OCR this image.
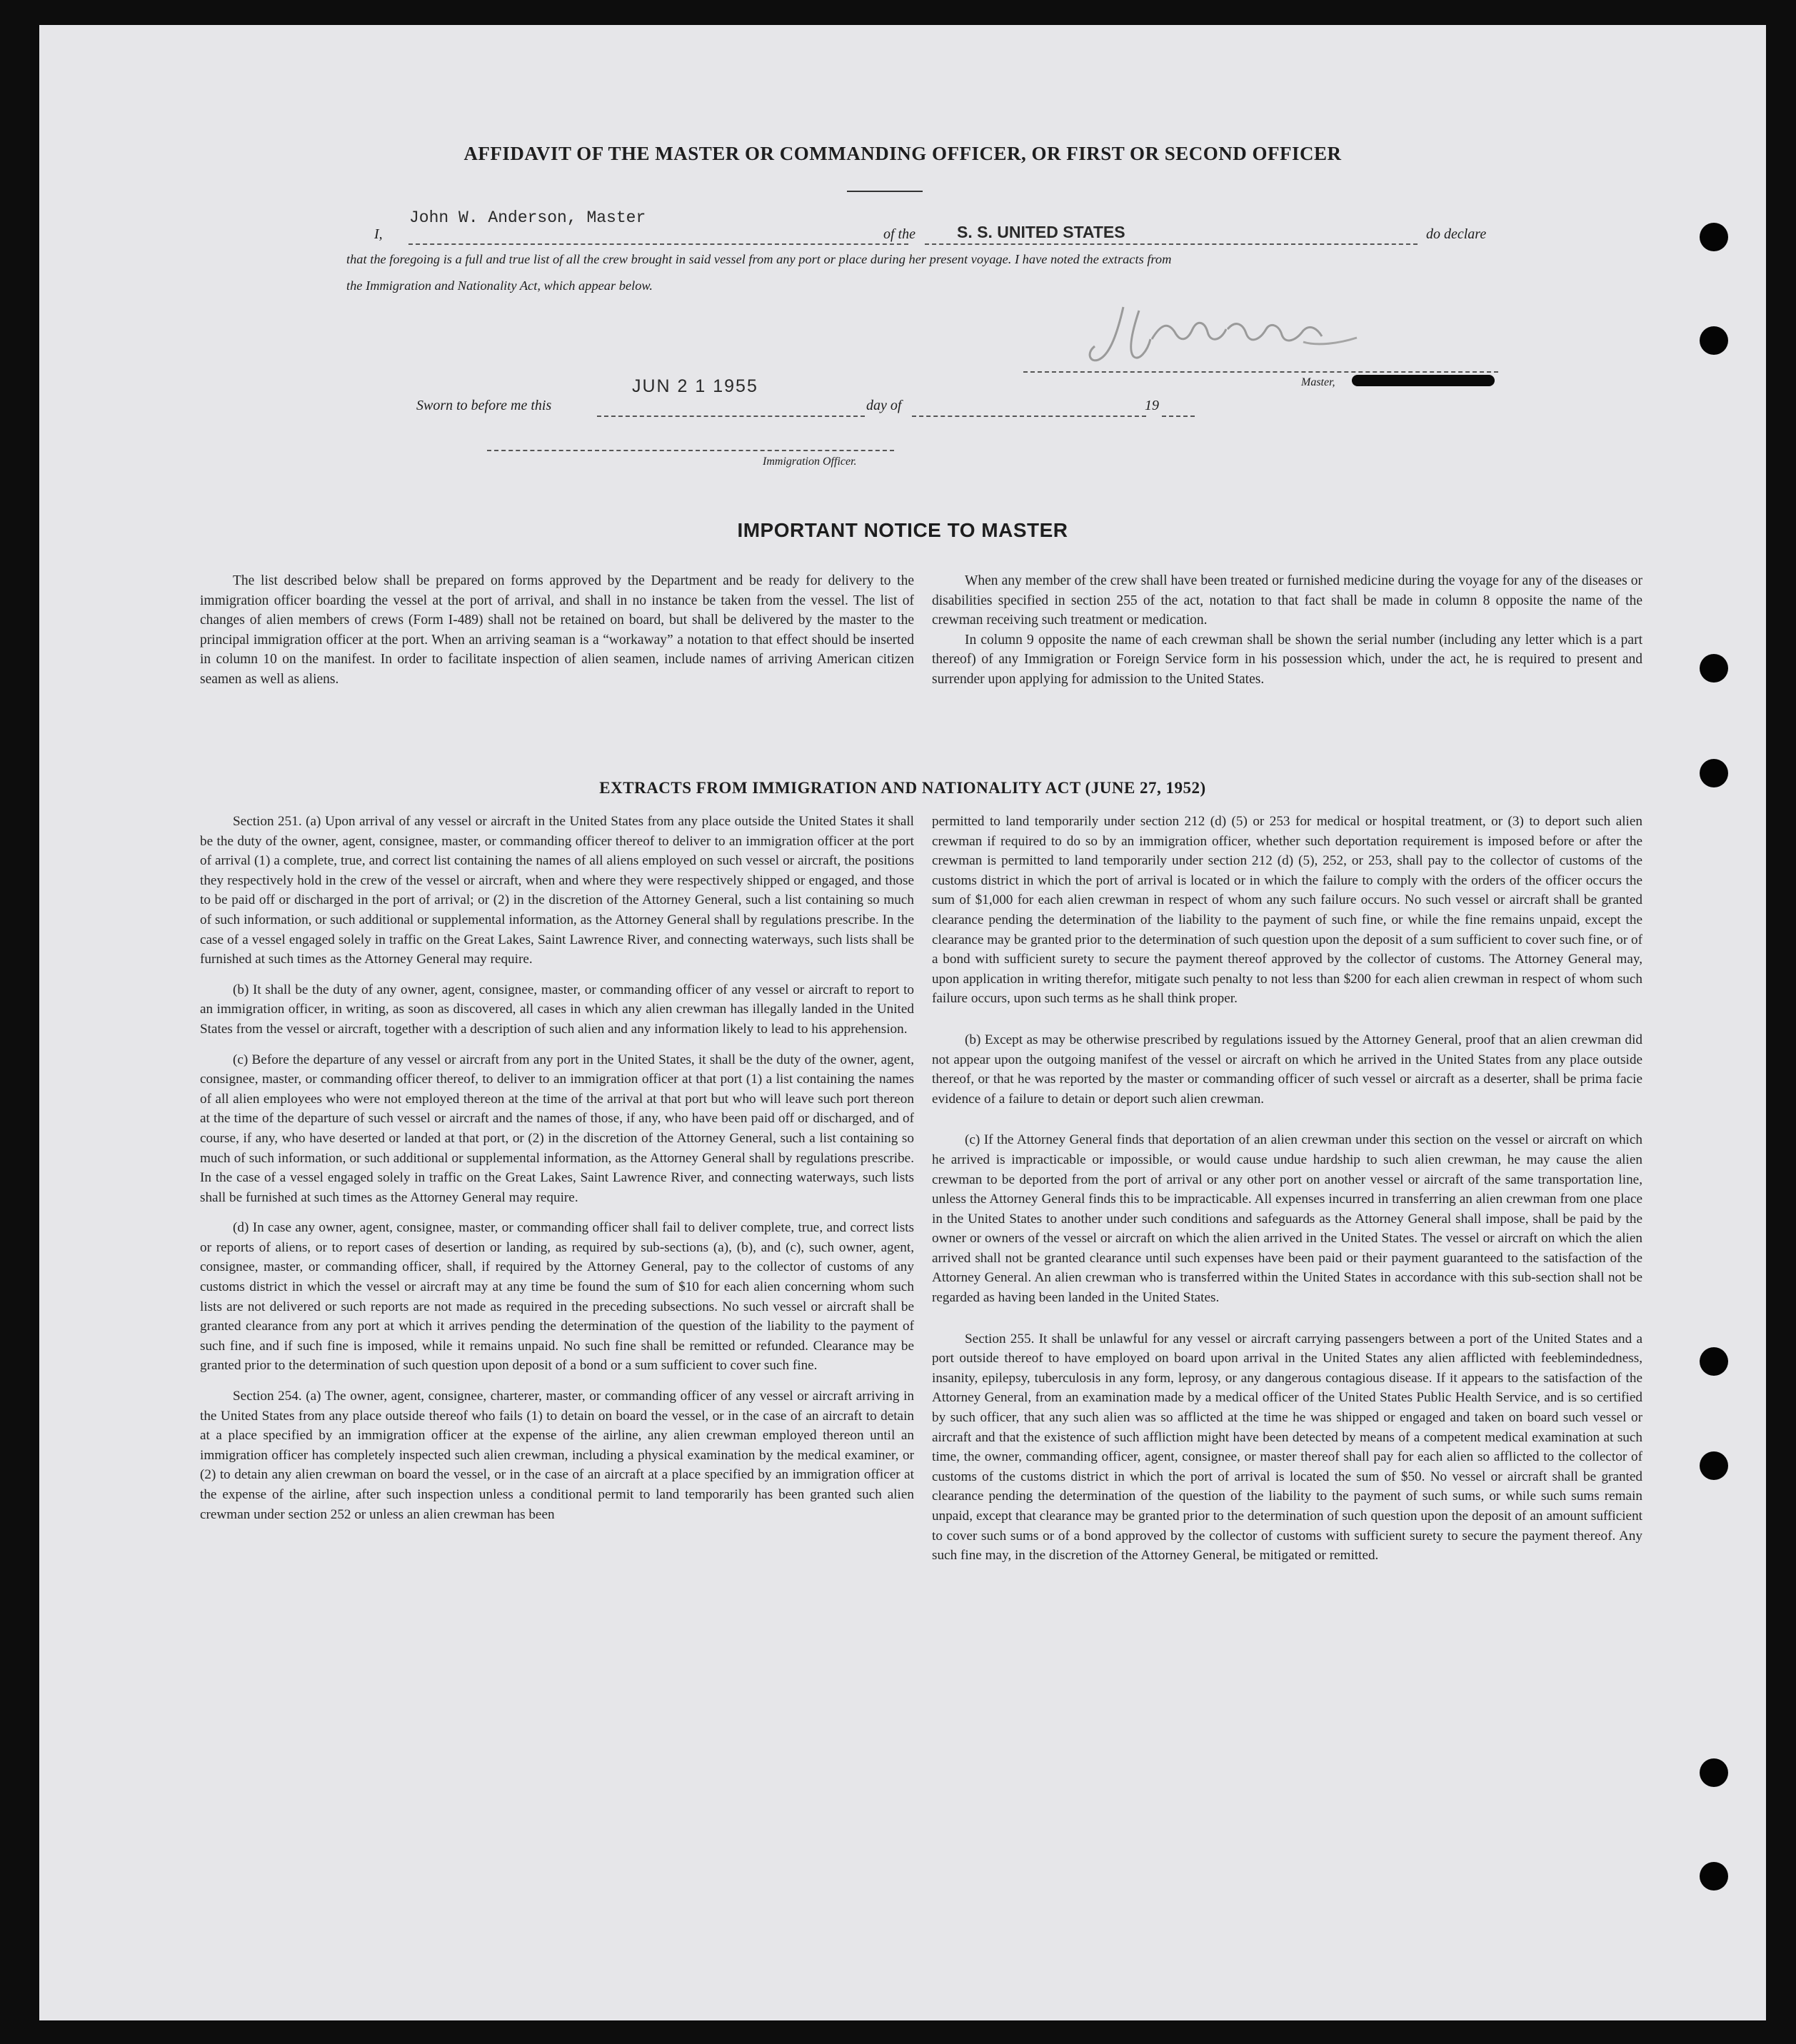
AFFIDAVIT OF THE MASTER OR COMMANDING OFFICER, OR FIRST OR SECOND OFFICER
I,
John W. Anderson, Master
of the	S. S. UNITED STATES	do declare
that the foregoing is a full and true list of all the crew brought in said vessel from any port or place during her present voyage. I have noted the extracts from
the Immigration and Nationality Act, which appear below.
Master,
Sworn to before me this
JUN 2 1 1955
day of	19
Immigration Officer.
IMPORTANT NOTICE TO MASTER

The list described below shall be prepared on forms approved by the Department and be ready for delivery to the immigration officer boarding the vessel at the port of arrival, and shall in no instance be taken from the vessel. The list of changes of alien members of crews (Form I-489) shall not be retained on board, but shall be delivered by the master to the principal immigration officer at the port. When an arriving seaman is a “workaway” a notation to that effect should be inserted in column 10 on the manifest. In order to facilitate inspection of alien seamen, include names of arriving American citizen seamen as well as aliens.

When any member of the crew shall have been treated or furnished medicine during the voyage for any of the diseases or disabilities specified in section 255 of the act, notation to that fact shall be made in column 8 opposite the name of the crewman receiving such treatment or medication.

In column 9 opposite the name of each crewman shall be shown the serial number (including any letter which is a part thereof) of any Immigration or Foreign Service form in his possession which, under the act, he is required to present and surrender upon applying for admission to the United States.

EXTRACTS FROM IMMIGRATION AND NATIONALITY ACT (JUNE 27, 1952)

Section 251. (a) Upon arrival of any vessel or aircraft in the United States from any place outside the United States it shall be the duty of the owner, agent, consignee, master, or commanding officer thereof to deliver to an immigration officer at the port of arrival (1) a complete, true, and correct list containing the names of all aliens employed on such vessel or aircraft, the positions they respectively hold in the crew of the vessel or aircraft, when and where they were respectively shipped or engaged, and those to be paid off or discharged in the port of arrival; or (2) in the discretion of the Attorney General, such a list containing so much of such information, or such additional or supplemental information, as the Attorney General shall by regulations prescribe. In the case of a vessel engaged solely in traffic on the Great Lakes, Saint Lawrence River, and connecting waterways, such lists shall be furnished at such times as the Attorney General may require.

(b) It shall be the duty of any owner, agent, consignee, master, or commanding officer of any vessel or aircraft to report to an immigration officer, in writing, as soon as discovered, all cases in which any alien crewman has illegally landed in the United States from the vessel or aircraft, together with a description of such alien and any information likely to lead to his apprehension.

(c) Before the departure of any vessel or aircraft from any port in the United States, it shall be the duty of the owner, agent, consignee, master, or commanding officer thereof, to deliver to an immigration officer at that port (1) a list containing the names of all alien employees who were not employed thereon at the time of the arrival at that port but who will leave such port thereon at the time of the departure of such vessel or aircraft and the names of those, if any, who have been paid off or discharged, and of course, if any, who have deserted or landed at that port, or (2) in the discretion of the Attorney General, such a list containing so much of such information, or such additional or supplemental information, as the Attorney General shall by regulations prescribe. In the case of a vessel engaged solely in traffic on the Great Lakes, Saint Lawrence River, and connecting waterways, such lists shall be furnished at such times as the Attorney General may require.

(d) In case any owner, agent, consignee, master, or commanding officer shall fail to deliver complete, true, and correct lists or reports of aliens, or to report cases of desertion or landing, as required by sub-sections (a), (b), and (c), such owner, agent, consignee, master, or commanding officer, shall, if required by the Attorney General, pay to the collector of customs of any customs district in which the vessel or aircraft may at any time be found the sum of $10 for each alien concerning whom such lists are not delivered or such reports are not made as required in the preceding subsections. No such vessel or aircraft shall be granted clearance from any port at which it arrives pending the determination of the question of the liability to the payment of such fine, and if such fine is imposed, while it remains unpaid. No such fine shall be remitted or refunded. Clearance may be granted prior to the determination of such question upon deposit of a bond or a sum sufficient to cover such fine.

Section 254. (a) The owner, agent, consignee, charterer, master, or commanding officer of any vessel or aircraft arriving in the United States from any place outside thereof who fails (1) to detain on board the vessel, or in the case of an aircraft to detain at a place specified by an immigration officer at the expense of the airline, any alien crewman employed thereon until an immigration officer has completely inspected such alien crewman, including a physical examination by the medical examiner, or (2) to detain any alien crewman on board the vessel, or in the case of an aircraft at a place specified by an immigration officer at the expense of the airline, after such inspection unless a conditional permit to land temporarily has been granted such alien crewman under section 252 or unless an alien crewman has been

permitted to land temporarily under section 212 (d) (5) or 253 for medical or hospital treatment, or (3) to deport such alien crewman if required to do so by an immigration officer, whether such deportation requirement is imposed before or after the crewman is permitted to land temporarily under section 212 (d) (5), 252, or 253, shall pay to the collector of customs of the customs district in which the port of arrival is located or in which the failure to comply with the orders of the officer occurs the sum of $1,000 for each alien crewman in respect of whom any such failure occurs. No such vessel or aircraft shall be granted clearance pending the determination of the liability to the payment of such fine, or while the fine remains unpaid, except the clearance may be granted prior to the determination of such question upon the deposit of a sum sufficient to cover such fine, or of a bond with sufficient surety to secure the payment thereof approved by the collector of customs. The Attorney General may, upon application in writing therefor, mitigate such penalty to not less than $200 for each alien crewman in respect of whom such failure occurs, upon such terms as he shall think proper.

(b) Except as may be otherwise prescribed by regulations issued by the Attorney General, proof that an alien crewman did not appear upon the outgoing manifest of the vessel or aircraft on which he arrived in the United States from any place outside thereof, or that he was reported by the master or commanding officer of such vessel or aircraft as a deserter, shall be prima facie evidence of a failure to detain or deport such alien crewman.

(c) If the Attorney General finds that deportation of an alien crewman under this section on the vessel or aircraft on which he arrived is impracticable or impossible, or would cause undue hardship to such alien crewman, he may cause the alien crewman to be deported from the port of arrival or any other port on another vessel or aircraft of the same transportation line, unless the Attorney General finds this to be impracticable. All expenses incurred in transferring an alien crewman from one place in the United States to another under such conditions and safeguards as the Attorney General shall impose, shall be paid by the owner or owners of the vessel or aircraft on which the alien arrived in the United States. The vessel or aircraft on which the alien arrived shall not be granted clearance until such expenses have been paid or their payment guaranteed to the satisfaction of the Attorney General. An alien crewman who is transferred within the United States in accordance with this sub-section shall not be regarded as having been landed in the United States.

Section 255. It shall be unlawful for any vessel or aircraft carrying passengers between a port of the United States and a port outside thereof to have employed on board upon arrival in the United States any alien afflicted with feeblemindedness, insanity, epilepsy, tuberculosis in any form, leprosy, or any dangerous contagious disease. If it appears to the satisfaction of the Attorney General, from an examination made by a medical officer of the United States Public Health Service, and is so certified by such officer, that any such alien was so afflicted at the time he was shipped or engaged and taken on board such vessel or aircraft and that the existence of such affliction might have been detected by means of a competent medical examination at such time, the owner, commanding officer, agent, consignee, or master thereof shall pay for each alien so afflicted to the collector of customs of the customs district in which the port of arrival is located the sum of $50. No vessel or aircraft shall be granted clearance pending the determination of the question of the liability to the payment of such sums, or while such sums remain unpaid, except that clearance may be granted prior to the determination of such question upon the deposit of an amount sufficient to cover such sums or of a bond approved by the collector of customs with sufficient surety to secure the payment thereof. Any such fine may, in the discretion of the Attorney General, be mitigated or remitted.
